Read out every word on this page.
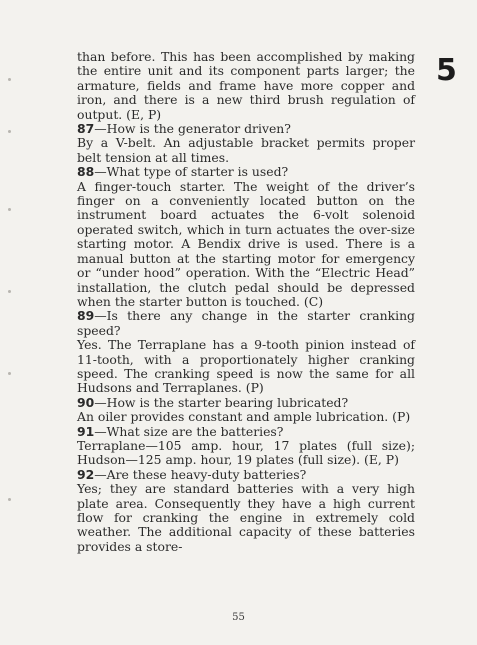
5

than before. This has been accomplished by making the entire unit and its component parts larger; the armature, fields and frame have more copper and iron, and there is a new third brush regulation of output. (E, P)

87—How is the generator driven?

By a V-belt. An adjustable bracket permits proper belt tension at all times.

88—What type of starter is used?

A finger-touch starter. The weight of the driver’s finger on a conveniently located button on the instrument board actuates the 6-volt solenoid operated switch, which in turn actuates the over-size starting motor. A Bendix drive is used. There is a manual button at the starting motor for emergency or “under hood” operation. With the “Electric Head” installation, the clutch pedal should be depressed when the starter button is touched. (C)

89—Is there any change in the starter cranking speed?

Yes. The Terraplane has a 9-tooth pinion instead of 11-tooth, with a proportionately higher cranking speed. The cranking speed is now the same for all Hudsons and Terraplanes. (P)

90—How is the starter bearing lubricated?

An oiler provides constant and ample lubrication. (P)

91—What size are the batteries?

Terraplane—105 amp. hour, 17 plates (full size); Hudson—125 amp. hour, 19 plates (full size). (E, P)

92—Are these heavy-duty batteries?

Yes; they are standard batteries with a very high plate area. Consequently they have a high current flow for cranking the engine in extremely cold weather. The additional capacity of these batteries provides a store-

55
